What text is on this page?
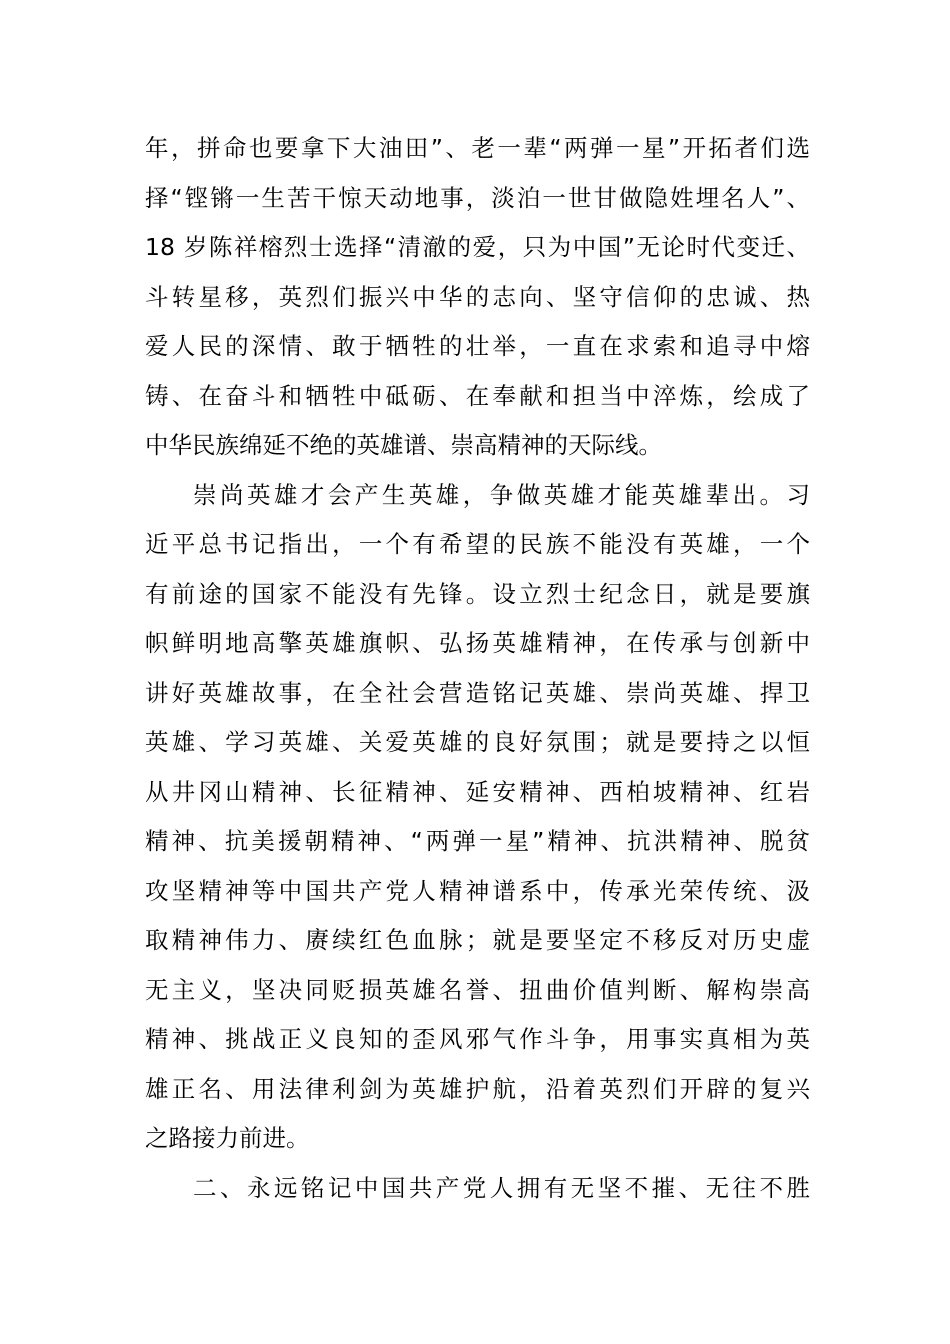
年，拼命也要拿下大油田”、老一辈“两弹一星”开拓者们选
择“铿锵一生苦干惊天动地事，淡泊一世甘做隐姓埋名人”、
18 岁陈祥榕烈士选择“清澈的爱，只为中国”无论时代变迁、
斗转星移，英烈们振兴中华的志向、坚守信仰的忠诚、热
爱人民的深情、敢于牺牲的壮举，一直在求索和追寻中熔
铸、在奋斗和牺牲中砥砺、在奉献和担当中淬炼，绘成了
中华民族绵延不绝的英雄谱、崇高精神的天际线。
崇尚英雄才会产生英雄，争做英雄才能英雄辈出。习
近平总书记指出，一个有希望的民族不能没有英雄，一个
有前途的国家不能没有先锋。设立烈士纪念日，就是要旗
帜鲜明地高擎英雄旗帜、弘扬英雄精神，在传承与创新中
讲好英雄故事，在全社会营造铭记英雄、崇尚英雄、捍卫
英雄、学习英雄、关爱英雄的良好氛围；就是要持之以恒
从井冈山精神、长征精神、延安精神、西柏坡精神、红岩
精神、抗美援朝精神、“两弹一星”精神、抗洪精神、脱贫
攻坚精神等中国共产党人精神谱系中，传承光荣传统、汲
取精神伟力、赓续红色血脉；就是要坚定不移反对历史虚
无主义，坚决同贬损英雄名誉、扭曲价值判断、解构崇高
精神、挑战正义良知的歪风邪气作斗争，用事实真相为英
雄正名、用法律利剑为英雄护航，沿着英烈们开辟的复兴
之路接力前进。
二、永远铭记中国共产党人拥有无坚不摧、无往不胜
